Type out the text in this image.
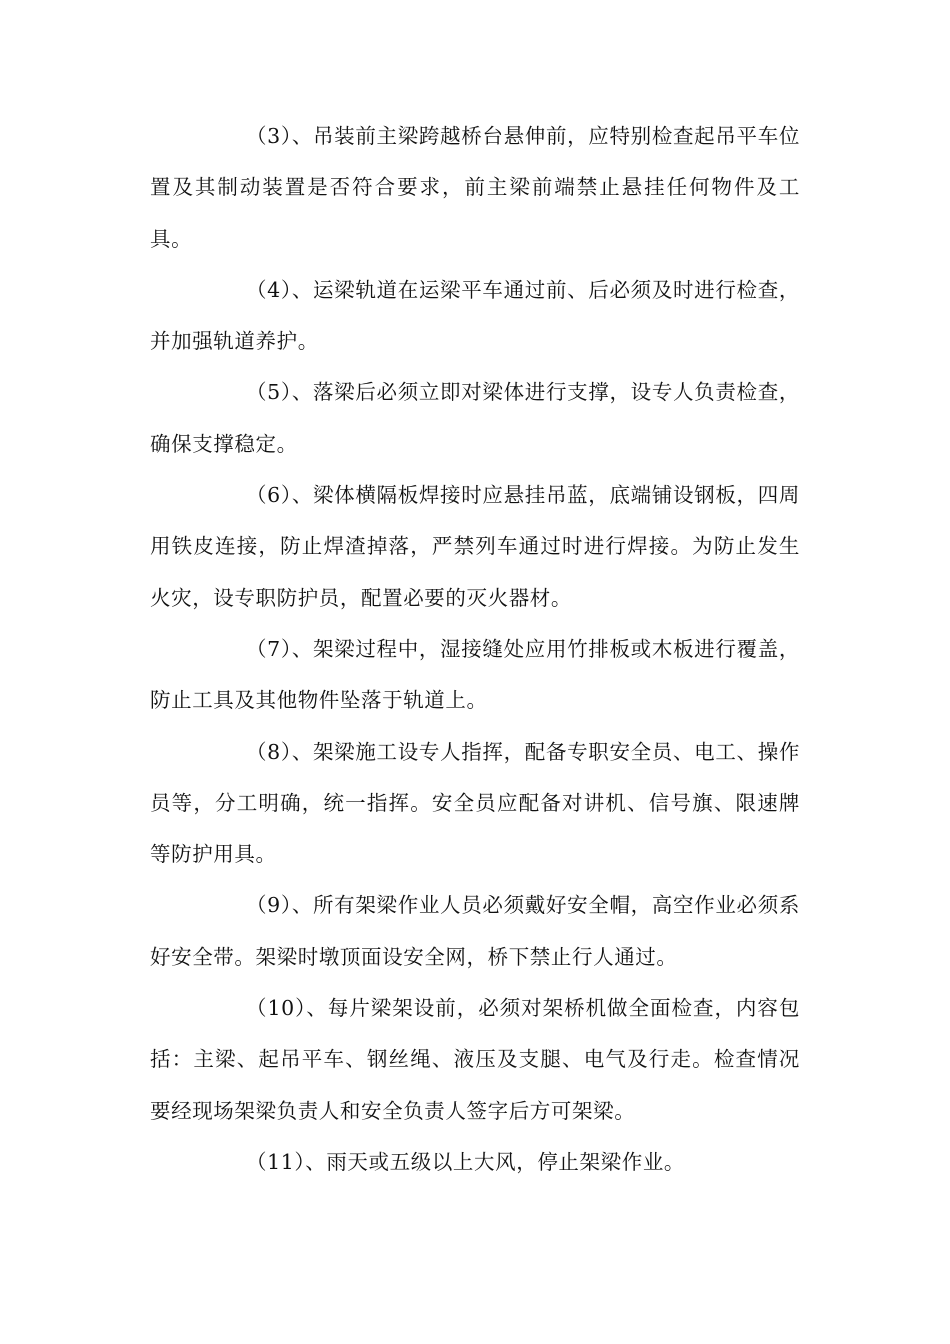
（3）、吊装前主梁跨越桥台悬伸前，应特别检查起吊平车位置及其制动装置是否符合要求，前主梁前端禁止悬挂任何物件及工具。

（4）、运梁轨道在运梁平车通过前、后必须及时进行检查，并加强轨道养护。

（5）、落梁后必须立即对梁体进行支撑，设专人负责检查，确保支撑稳定。

（6）、梁体横隔板焊接时应悬挂吊蓝，底端铺设钢板，四周用铁皮连接，防止焊渣掉落，严禁列车通过时进行焊接。为防止发生火灾，设专职防护员，配置必要的灭火器材。

（7）、架梁过程中，湿接缝处应用竹排板或木板进行覆盖，防止工具及其他物件坠落于轨道上。

（8）、架梁施工设专人指挥，配备专职安全员、电工、操作员等，分工明确，统一指挥。安全员应配备对讲机、信号旗、限速牌等防护用具。

（9）、所有架梁作业人员必须戴好安全帽，高空作业必须系好安全带。架梁时墩顶面设安全网，桥下禁止行人通过。

（10）、每片梁架设前，必须对架桥机做全面检查，内容包括：主梁、起吊平车、钢丝绳、液压及支腿、电气及行走。检查情况要经现场架梁负责人和安全负责人签字后方可架梁。

（11）、雨天或五级以上大风，停止架梁作业。
